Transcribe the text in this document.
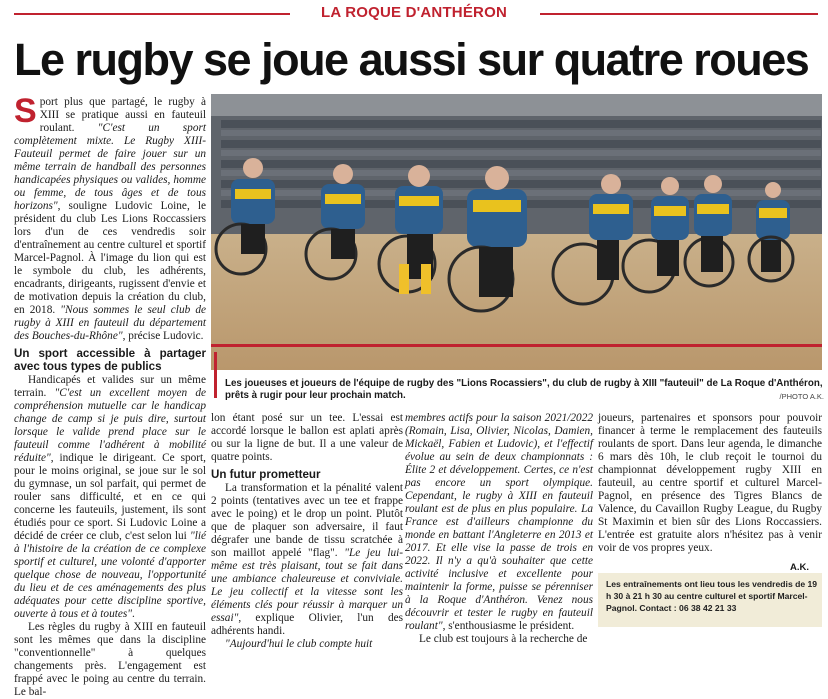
LA ROQUE D'ANTHÉRON
Le rugby se joue aussi sur quatre roues

Sport plus que partagé, le rugby à XIII se pratique aussi en fauteuil roulant. "C'est un sport complètement mixte. Le Rugby XIII-Fauteuil permet de faire jouer sur un même terrain de handball des personnes handicapées physiques ou valides, homme ou femme, de tous âges et de tous horizons", souligne Ludovic Loine, le président du club Les Lions Roccassiers lors d'un de ces vendredis soir d'entraînement au centre culturel et sportif Marcel-Pagnol. À l'image du lion qui est le symbole du club, les adhérents, encadrants, dirigeants, rugissent d'envie et de motivation depuis la création du club, en 2018. "Nous sommes le seul club de rugby à XIII en fauteuil du département des Bouches-du-Rhône", précise Ludovic.

Un sport accessible à partager avec tous types de publics

Handicapés et valides sur un même terrain. "C'est un excellent moyen de compréhension mutuelle car le handicap change de camp si je puis dire, surtout lorsque le valide prend place sur le fauteuil comme l'adhérent à mobilité réduite", indique le dirigeant. Ce sport, pour le moins original, se joue sur le sol du gymnase, un sol parfait, qui permet de rouler sans difficulté, et en ce qui concerne les fauteuils, justement, ils sont étudiés pour ce sport. Si Ludovic Loine a décidé de créer ce club, c'est selon lui "lié à l'histoire de la création de ce complexe sportif et culturel, une volonté d'apporter quelque chose de nouveau, l'opportunité du lieu et de ces aménagements des plus adéquates pour cette discipline sportive, ouverte à tous et à toutes".

Les règles du rugby à XIII en fauteuil sont les mêmes que dans la discipline "conventionnelle" à quelques changements près. L'engagement est frappé avec le poing au centre du terrain. Le bal-

Les joueuses et joueurs de l'équipe de rugby des "Lions Rocassiers", du club de rugby à XIII "fauteuil" de La Roque d'Anthéron, prêts à rugir pour leur prochain match.	/PHOTO A.K.

lon étant posé sur un tee. L'essai est accordé lorsque le ballon est aplati après ou sur la ligne de but. Il a une valeur de quatre points.

Un futur prometteur

La transformation et la pénalité valent 2 points (tentatives avec un tee et frappe avec le poing) et le drop un point. Plutôt que de plaquer son adversaire, il faut dégrafer une bande de tissu scratchée à son maillot appelé "flag". "Le jeu lui-même est très plaisant, tout se fait dans une ambiance chaleureuse et conviviale. Le jeu collectif et la vitesse sont les éléments clés pour réussir à marquer un essai", explique Olivier, l'un des adhérents handi.

"Aujourd'hui le club compte huit

membres actifs pour la saison 2021/2022 (Romain, Lisa, Olivier, Nicolas, Damien, Mickaël, Fabien et Ludovic), et l'effectif évolue au sein de deux championnats : Élite 2 et développement. Certes, ce n'est pas encore un sport olympique. Cependant, le rugby à XIII en fauteuil roulant est de plus en plus populaire. La France est d'ailleurs championne du monde en battant l'Angleterre en 2013 et 2017. Et elle vise la passe de trois en 2022. Il n'y a qu'à souhaiter que cette activité inclusive et excellente pour maintenir la forme, puisse se pérenniser à la Roque d'Anthéron. Venez nous découvrir et tester le rugby en fauteuil roulant", s'enthousiasme le président.

Le club est toujours à la recherche de

joueurs, partenaires et sponsors pour pouvoir financer à terme le remplacement des fauteuils roulants de sport. Dans leur agenda, le dimanche 6 mars dès 10h, le club reçoit le tournoi du championnat développement rugby XIII en fauteuil, au centre sportif et culturel Marcel-Pagnol, en présence des Tigres Blancs de Valence, du Cavaillon Rugby League, du Rugby St Maximin et bien sûr des Lions Roccassiers. L'entrée est gratuite alors n'hésitez pas à venir voir de vos propres yeux.

A.K.
Les entraînements ont lieu tous les vendredis de 19 h 30 à 21 h 30 au centre culturel et sportif Marcel-Pagnol. Contact : 06 38 42 21 33
